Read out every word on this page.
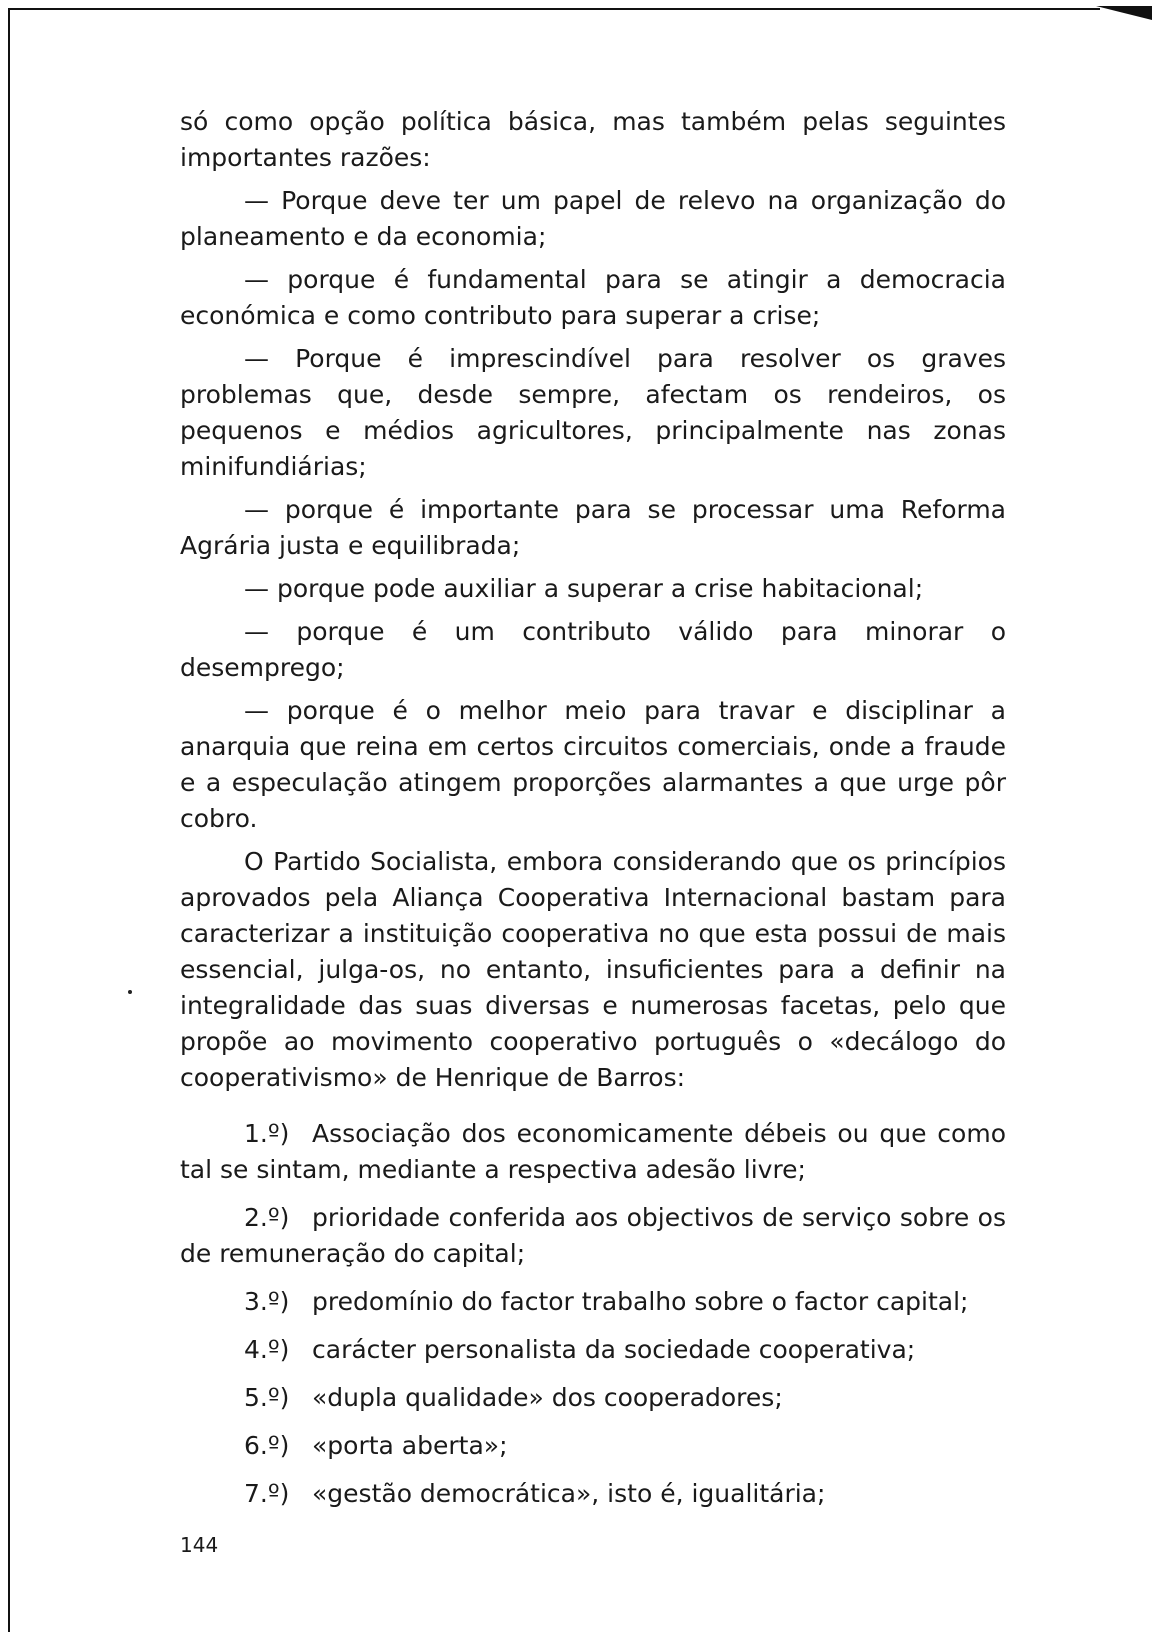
só como opção política básica, mas também pelas seguintes importantes razões:

— Porque deve ter um papel de relevo na organização do planeamento e da economia;

— porque é fundamental para se atingir a democracia económica e como contributo para superar a crise;

— Porque é imprescindível para resolver os graves problemas que, desde sempre, afectam os rendeiros, os pequenos e médios agricultores, principalmente nas zonas minifundiárias;

— porque é importante para se processar uma Reforma Agrária justa e equilibrada;

— porque pode auxiliar a superar a crise habitacional;

— porque é um contributo válido para minorar o desemprego;

— porque é o melhor meio para travar e disciplinar a anarquia que reina em certos circuitos comerciais, onde a fraude e a especulação atingem proporções alarmantes a que urge pôr cobro.

O Partido Socialista, embora considerando que os princípios aprovados pela Aliança Cooperativa Internacional bastam para caracterizar a instituição cooperativa no que esta possui de mais essencial, julga-os, no entanto, insuficientes para a definir na integralidade das suas diversas e numerosas facetas, pelo que propõe ao movimento cooperativo português o «decálogo do cooperativismo» de Henrique de Barros:

1.º) Associação dos economicamente débeis ou que como tal se sintam, mediante a respectiva adesão livre;

2.º) prioridade conferida aos objectivos de serviço sobre os de remuneração do capital;

3.º) predomínio do factor trabalho sobre o factor capital;

4.º) carácter personalista da sociedade cooperativa;

5.º) «dupla qualidade» dos cooperadores;

6.º) «porta aberta»;

7.º) «gestão democrática», isto é, igualitária;

144
